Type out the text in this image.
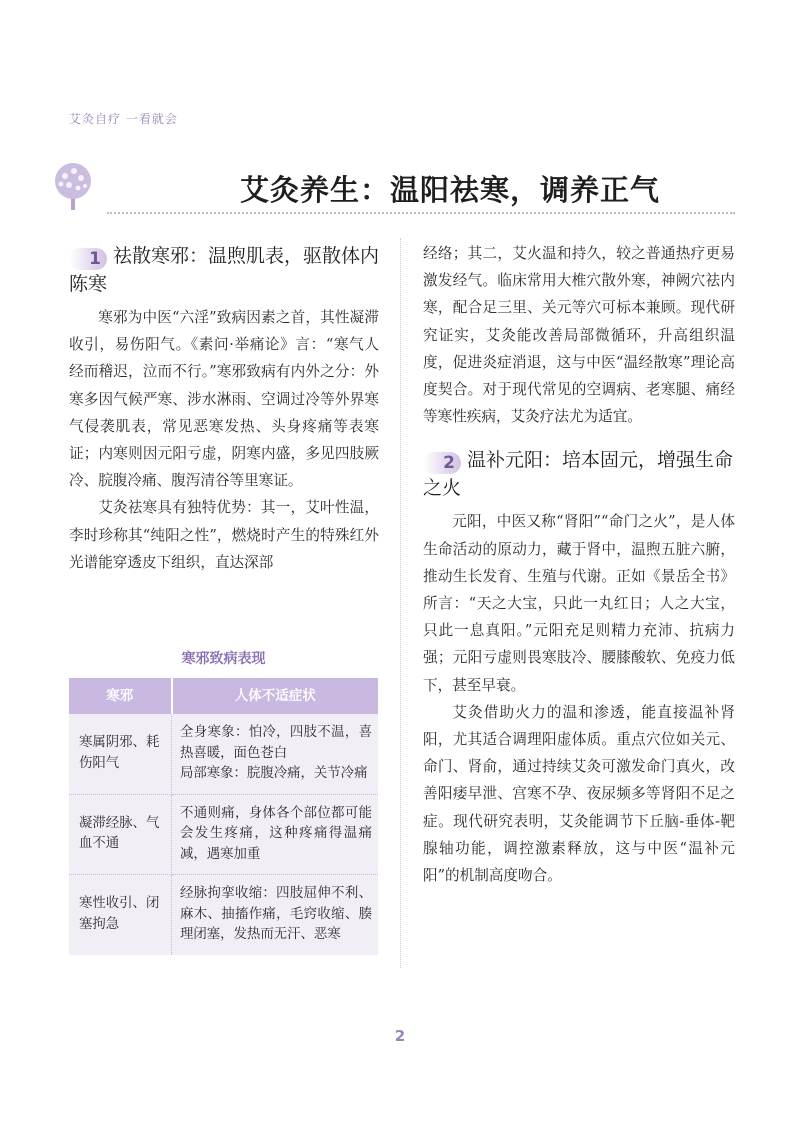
艾灸自疗 一看就会
艾灸养生：温阳祛寒，调养正气
1 祛散寒邪：温煦肌表，驱散体内陈寒

寒邪为中医“六淫”致病因素之首，其性凝滞收引，易伤阳气。《素问·举痛论》言：“寒气人经而稽迟，泣而不行。”寒邪致病有内外之分：外寒多因气候严寒、涉水淋雨、空调过冷等外界寒气侵袭肌表，常见恶寒发热、头身疼痛等表寒证；内寒则因元阳亏虚，阴寒内盛，多见四肢厥冷、脘腹冷痛、腹泻清谷等里寒证。

艾灸祛寒具有独特优势：其一，艾叶性温，李时珍称其“纯阳之性”，燃烧时产生的特殊红外光谱能穿透皮下组织，直达深部

寒邪致病表现
寒邪	人体不适症状
寒属阴邪、耗伤阳气	全身寒象：怕冷，四肢不温，喜热喜暖，面色苍白
局部寒象：脘腹冷痛，关节冷痛
凝滞经脉、气血不通	不通则痛，身体各个部位都可能会发生疼痛，这种疼痛得温痛减，遇寒加重
寒性收引、闭塞拘急	经脉拘挛收缩：四肢屈伸不利、麻木、抽搐作痛，毛窍收缩、腠理闭塞，发热而无汗、恶寒

经络；其二，艾火温和持久，较之普通热疗更易激发经气。临床常用大椎穴散外寒，神阙穴祛内寒，配合足三里、关元等穴可标本兼顾。现代研究证实，艾灸能改善局部微循环，升高组织温度，促进炎症消退，这与中医“温经散寒”理论高度契合。对于现代常见的空调病、老寒腿、痛经等寒性疾病，艾灸疗法尤为适宜。

2 温补元阳：培本固元，增强生命之火

元阳，中医又称“肾阳”“命门之火”，是人体生命活动的原动力，藏于肾中，温煦五脏六腑，推动生长发育、生殖与代谢。正如《景岳全书》所言：“天之大宝，只此一丸红日；人之大宝，只此一息真阳。”元阳充足则精力充沛、抗病力强；元阳亏虚则畏寒肢冷、腰膝酸软、免疫力低下，甚至早衰。

艾灸借助火力的温和渗透，能直接温补肾阳，尤其适合调理阳虚体质。重点穴位如关元、命门、肾俞，通过持续艾灸可激发命门真火，改善阳痿早泄、宫寒不孕、夜尿频多等肾阳不足之症。现代研究表明，艾灸能调节下丘脑-垂体-靶腺轴功能，调控激素释放，这与中医“温补元阳”的机制高度吻合。

2
